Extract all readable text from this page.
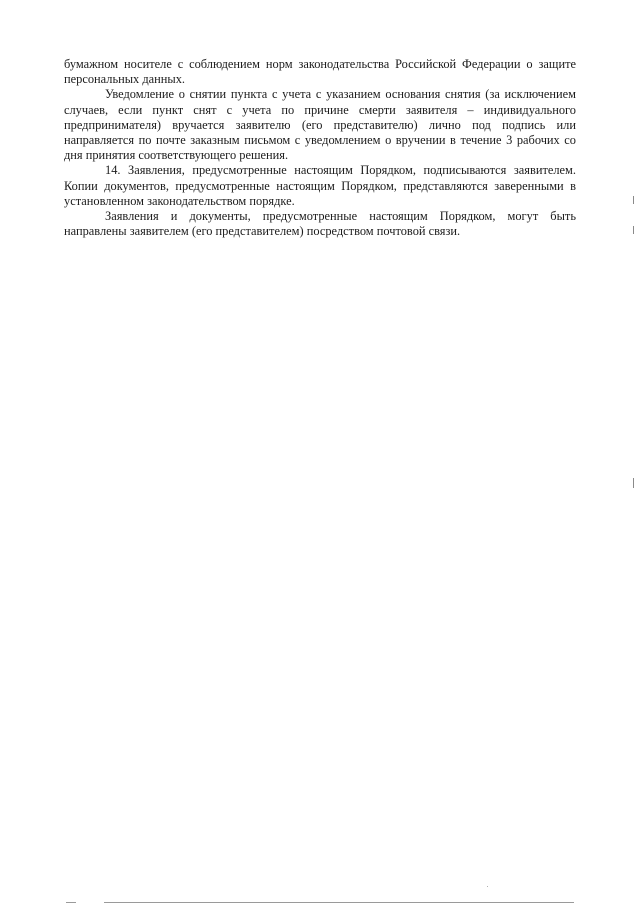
бумажном носителе с соблюдением норм законодательства Российской Федерации о защите персональных данных.

Уведомление о снятии пункта с учета с указанием основания снятия (за исключением случаев, если пункт снят с учета по причине смерти заявителя – индивидуального предпринимателя) вручается заявителю (его представителю) лично под подпись или направляется по почте заказным письмом с уведомлением о вручении в течение 3 рабочих со дня принятия соответствующего решения.

14. Заявления, предусмотренные настоящим Порядком, подписываются заявителем. Копии документов, предусмотренные настоящим Порядком, представляются заверенными в установленном законодательством порядке.

Заявления и документы, предусмотренные настоящим Порядком, могут быть направлены заявителем (его представителем) посредством почтовой связи.
